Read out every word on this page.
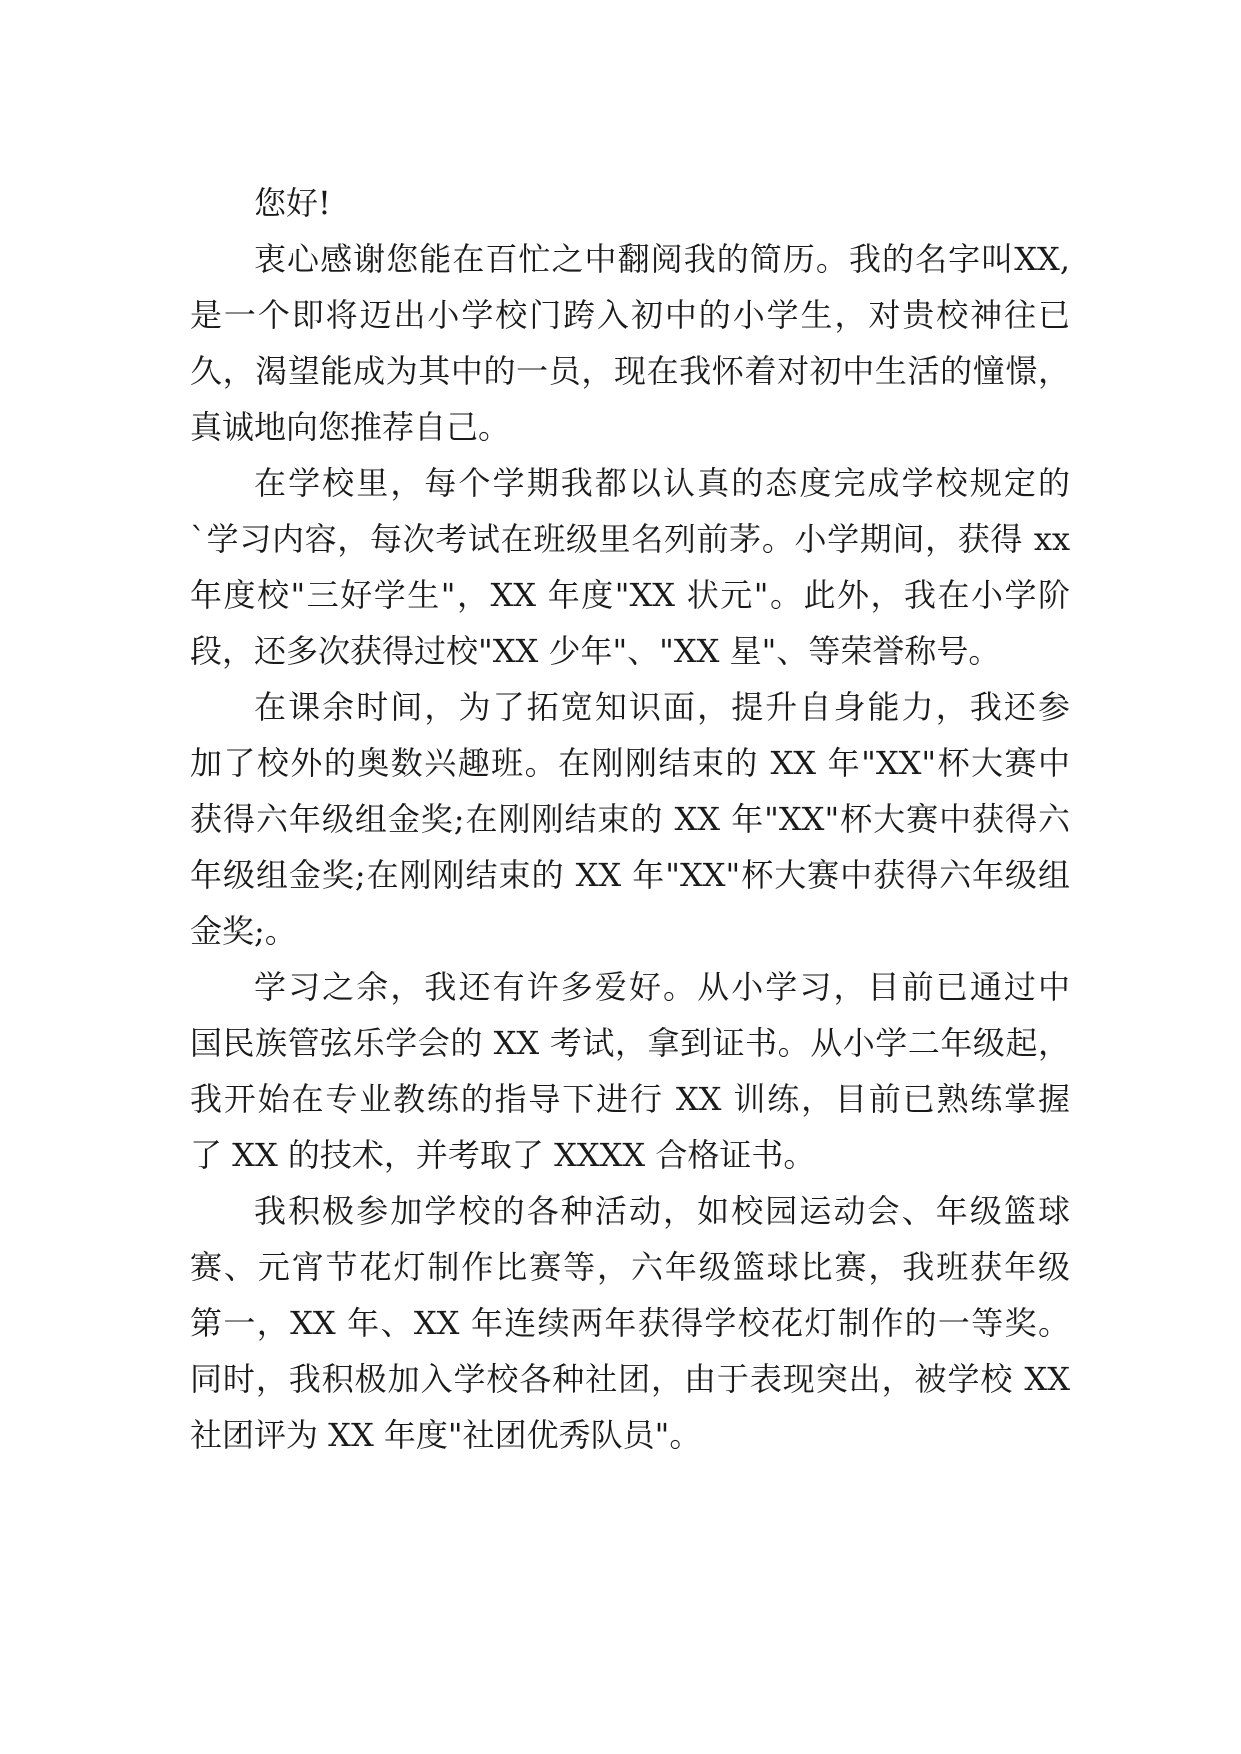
您好!
衷心感谢您能在百忙之中翻阅我的简历。我的名字叫XX,
是一个即将迈出小学校门跨入初中的小学生，对贵校神往已
久，渴望能成为其中的一员，现在我怀着对初中生活的憧憬，
真诚地向您推荐自己。
在学校里，每个学期我都以认真的态度完成学校规定的
`学习内容，每次考试在班级里名列前茅。小学期间，获得 xx
年度校"三好学生"，XX 年度"XX 状元"。此外，我在小学阶
段，还多次获得过校"XX 少年"、"XX 星"、等荣誉称号。
在课余时间，为了拓宽知识面，提升自身能力，我还参
加了校外的奥数兴趣班。在刚刚结束的 XX 年"XX"杯大赛中
获得六年级组金奖;在刚刚结束的 XX 年"XX"杯大赛中获得六
年级组金奖;在刚刚结束的 XX 年"XX"杯大赛中获得六年级组
金奖;。
学习之余，我还有许多爱好。从小学习，目前已通过中
国民族管弦乐学会的 XX 考试，拿到证书。从小学二年级起，
我开始在专业教练的指导下进行 XX 训练，目前已熟练掌握
了 XX 的技术，并考取了 XXXX 合格证书。
我积极参加学校的各种活动，如校园运动会、年级篮球
赛、元宵节花灯制作比赛等，六年级篮球比赛，我班获年级
第一，XX 年、XX 年连续两年获得学校花灯制作的一等奖。
同时，我积极加入学校各种社团，由于表现突出，被学校 XX
社团评为 XX 年度"社团优秀队员"。
